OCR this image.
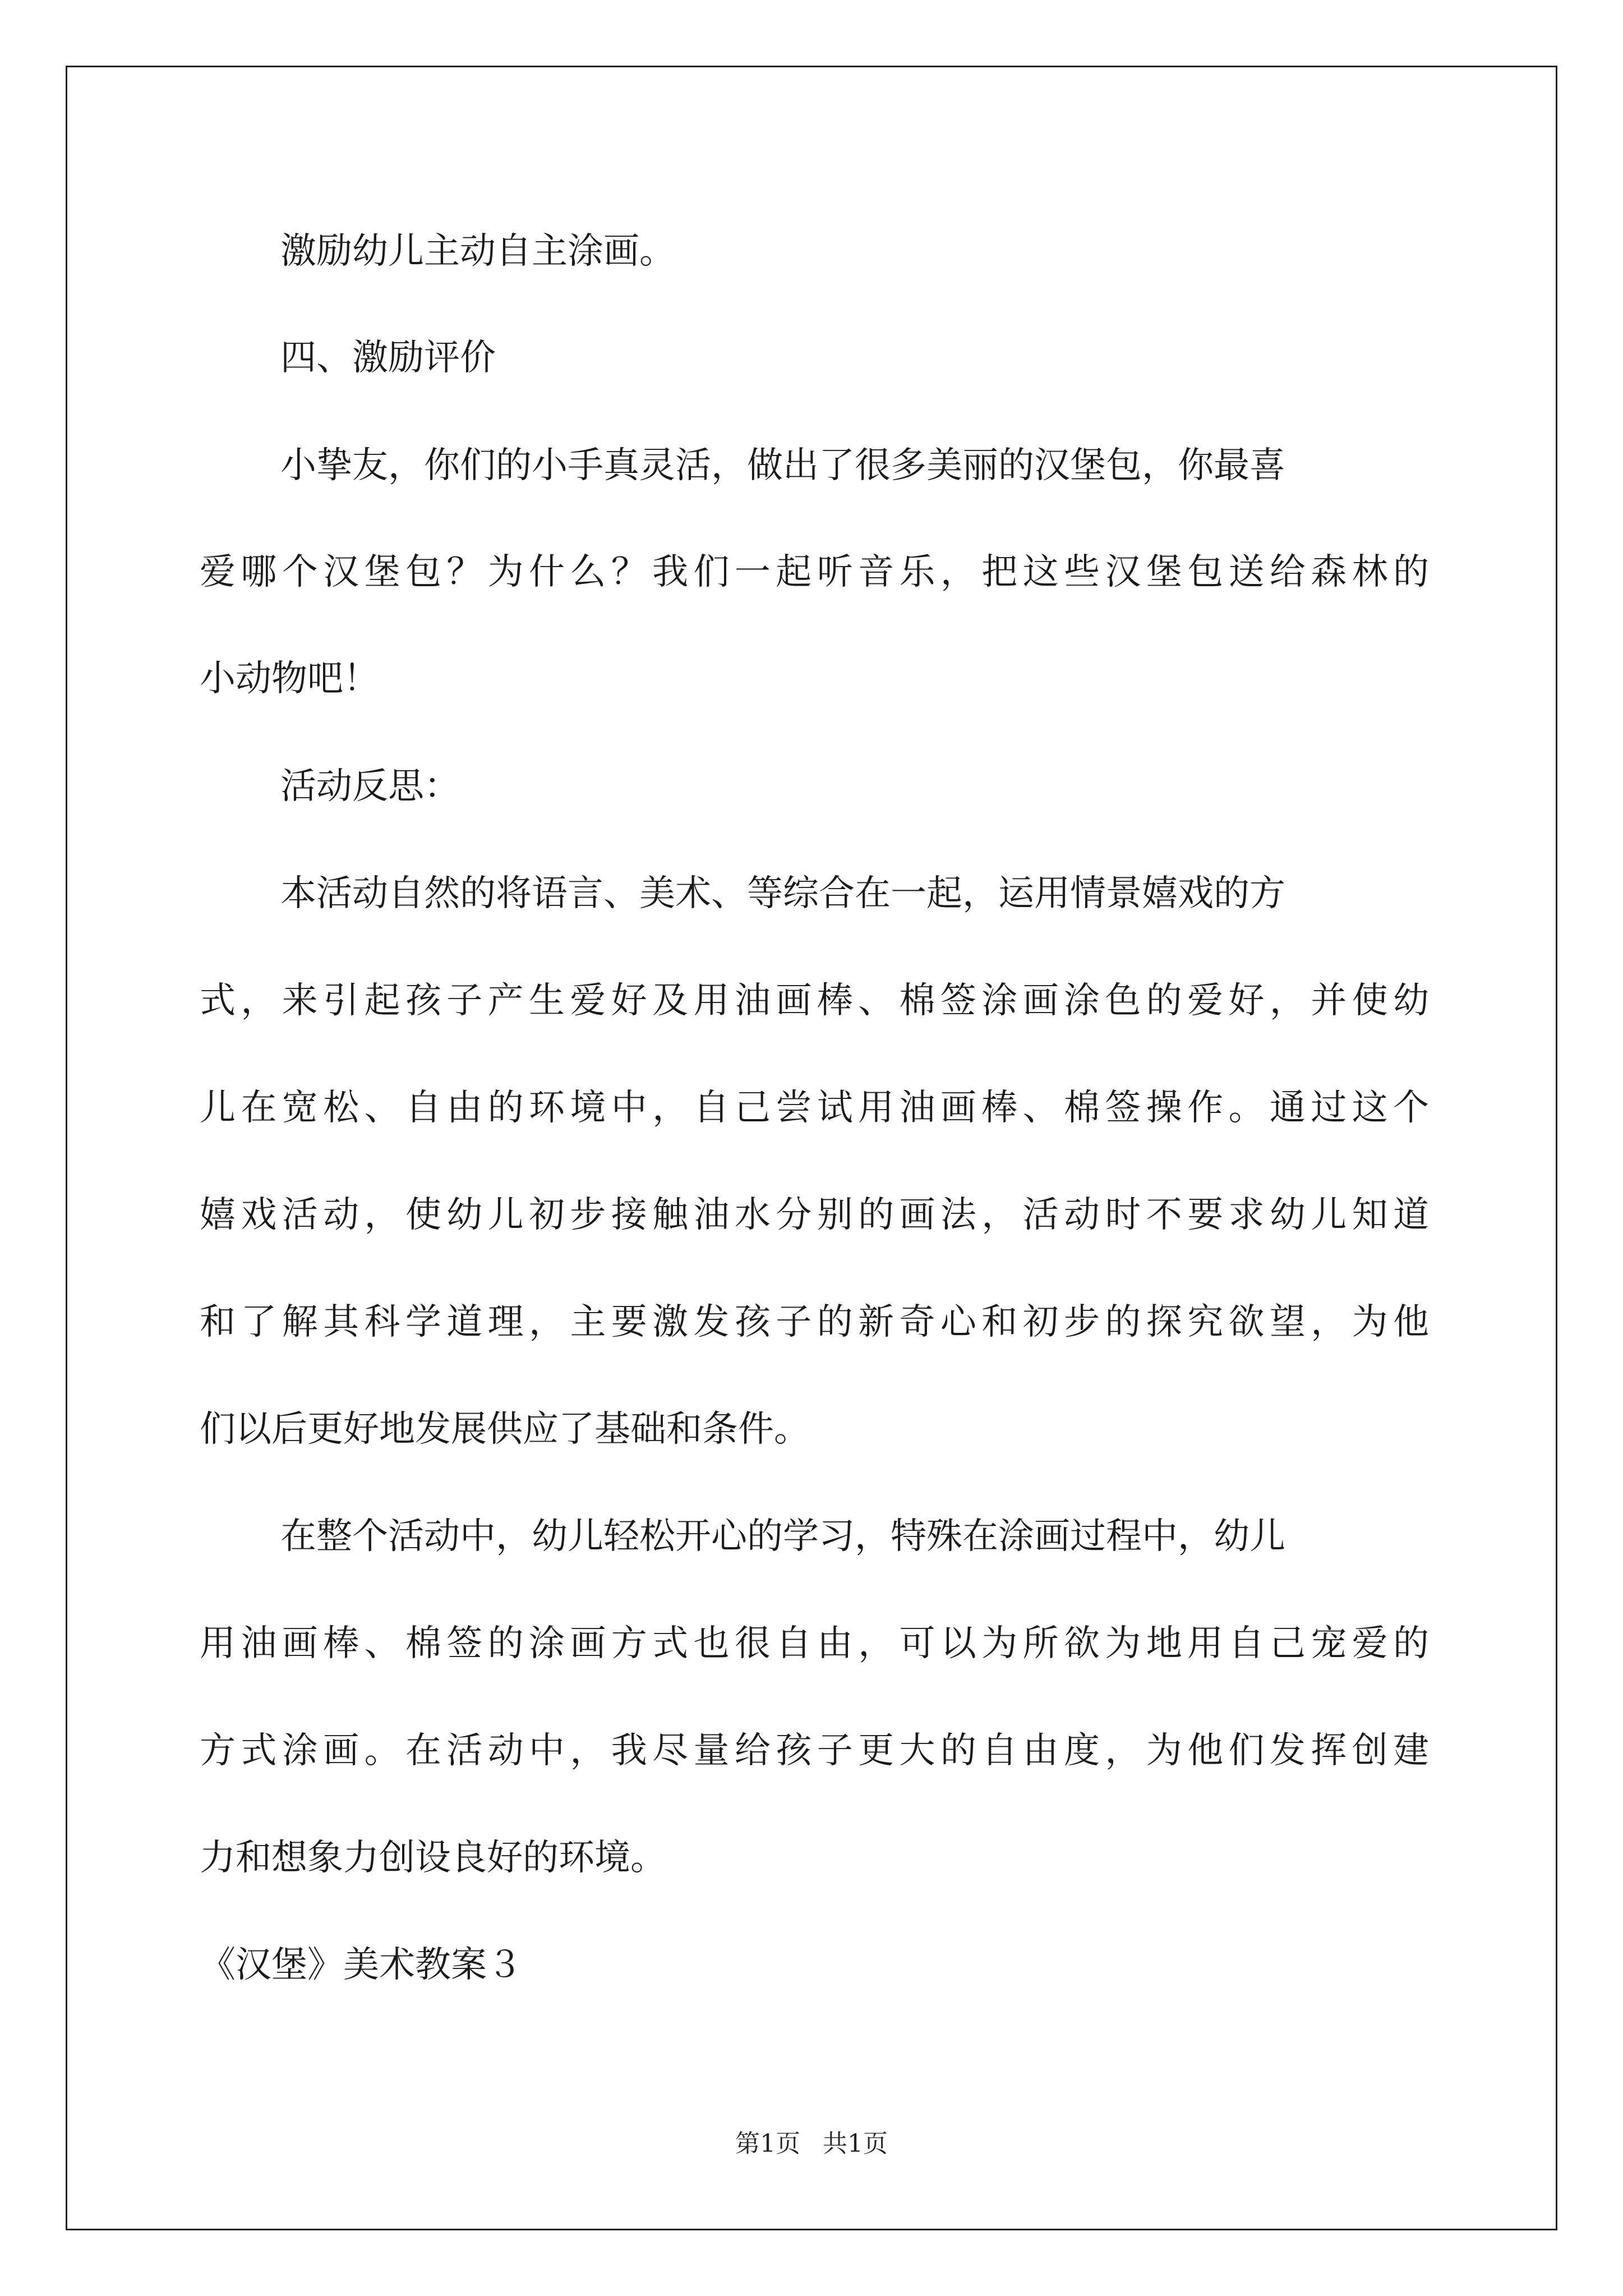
激励幼儿主动自主涂画。
四、激励评价
小挚友，你们的小手真灵活，做出了很多美丽的汉堡包，你最喜
爱哪个汉堡包？为什么？我们一起听音乐，把这些汉堡包送给森林的
小动物吧！
活动反思：
本活动自然的将语言、美术、等综合在一起，运用情景嬉戏的方
式，来引起孩子产生爱好及用油画棒、棉签涂画涂色的爱好，并使幼
儿在宽松、自由的环境中，自己尝试用油画棒、棉签操作。通过这个
嬉戏活动，使幼儿初步接触油水分别的画法，活动时不要求幼儿知道
和了解其科学道理，主要激发孩子的新奇心和初步的探究欲望，为他
们以后更好地发展供应了基础和条件。
在整个活动中，幼儿轻松开心的学习，特殊在涂画过程中，幼儿
用油画棒、棉签的涂画方式也很自由，可以为所欲为地用自己宠爱的
方式涂画。在活动中，我尽量给孩子更大的自由度，为他们发挥创建
力和想象力创设良好的环境。
《汉堡》美术教案３
第1页 共1页
